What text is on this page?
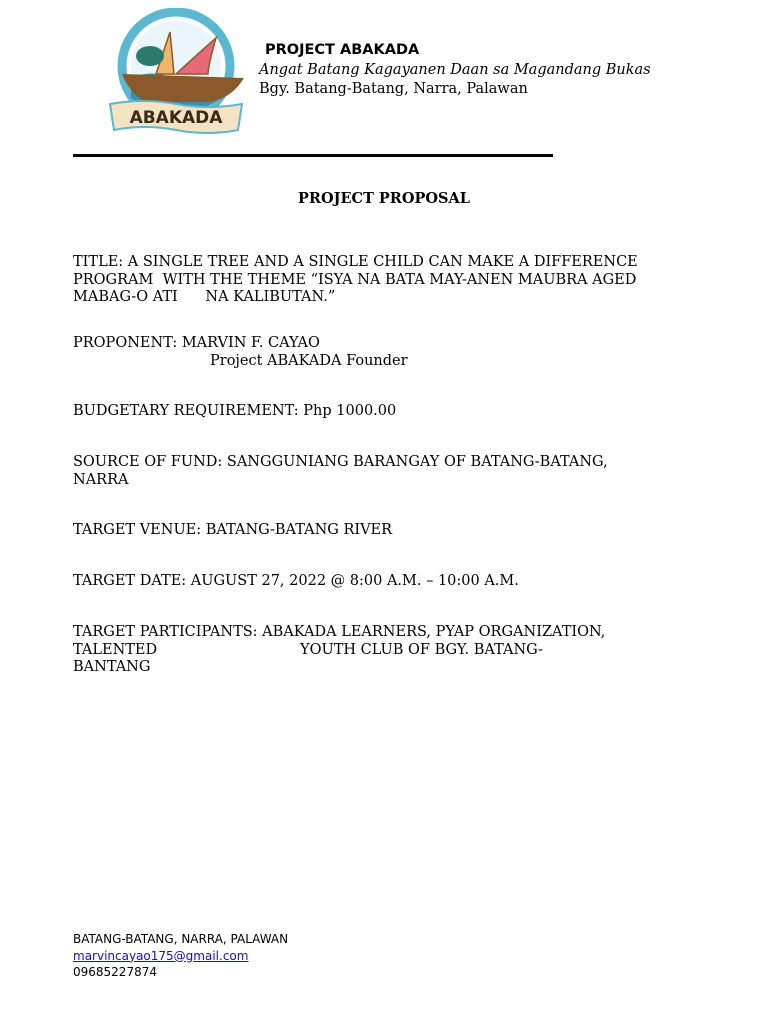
ABAKADA
PROJECT ABAKADA
Angat Batang Kagayanen Daan sa Magandang Bukas
Bgy. Batang-Batang, Narra, Palawan
PROJECT PROPOSAL
TITLE: A SINGLE TREE AND A SINGLE CHILD CAN MAKE A DIFFERENCE
PROGRAM  WITH THE THEME “ISYA NA BATA MAY-ANEN MAUBRA AGED
MABAG-O ATI      NA KALIBUTAN.”
PROPONENT: MARVIN F. CAYAO
Project ABAKADA Founder
BUDGETARY REQUIREMENT: Php 1000.00
SOURCE OF FUND: SANGGUNIANG BARANGAY OF BATANG-BATANG,
NARRA
TARGET VENUE: BATANG-BATANG RIVER
TARGET DATE: AUGUST 27, 2022 @ 8:00 A.M. – 10:00 A.M.
TARGET PARTICIPANTS: ABAKADA LEARNERS, PYAP ORGANIZATION,
TALENTED                               YOUTH CLUB OF BGY. BATANG-
BANTANG
BATANG-BATANG, NARRA, PALAWAN
marvincayao175@gmail.com
09685227874
